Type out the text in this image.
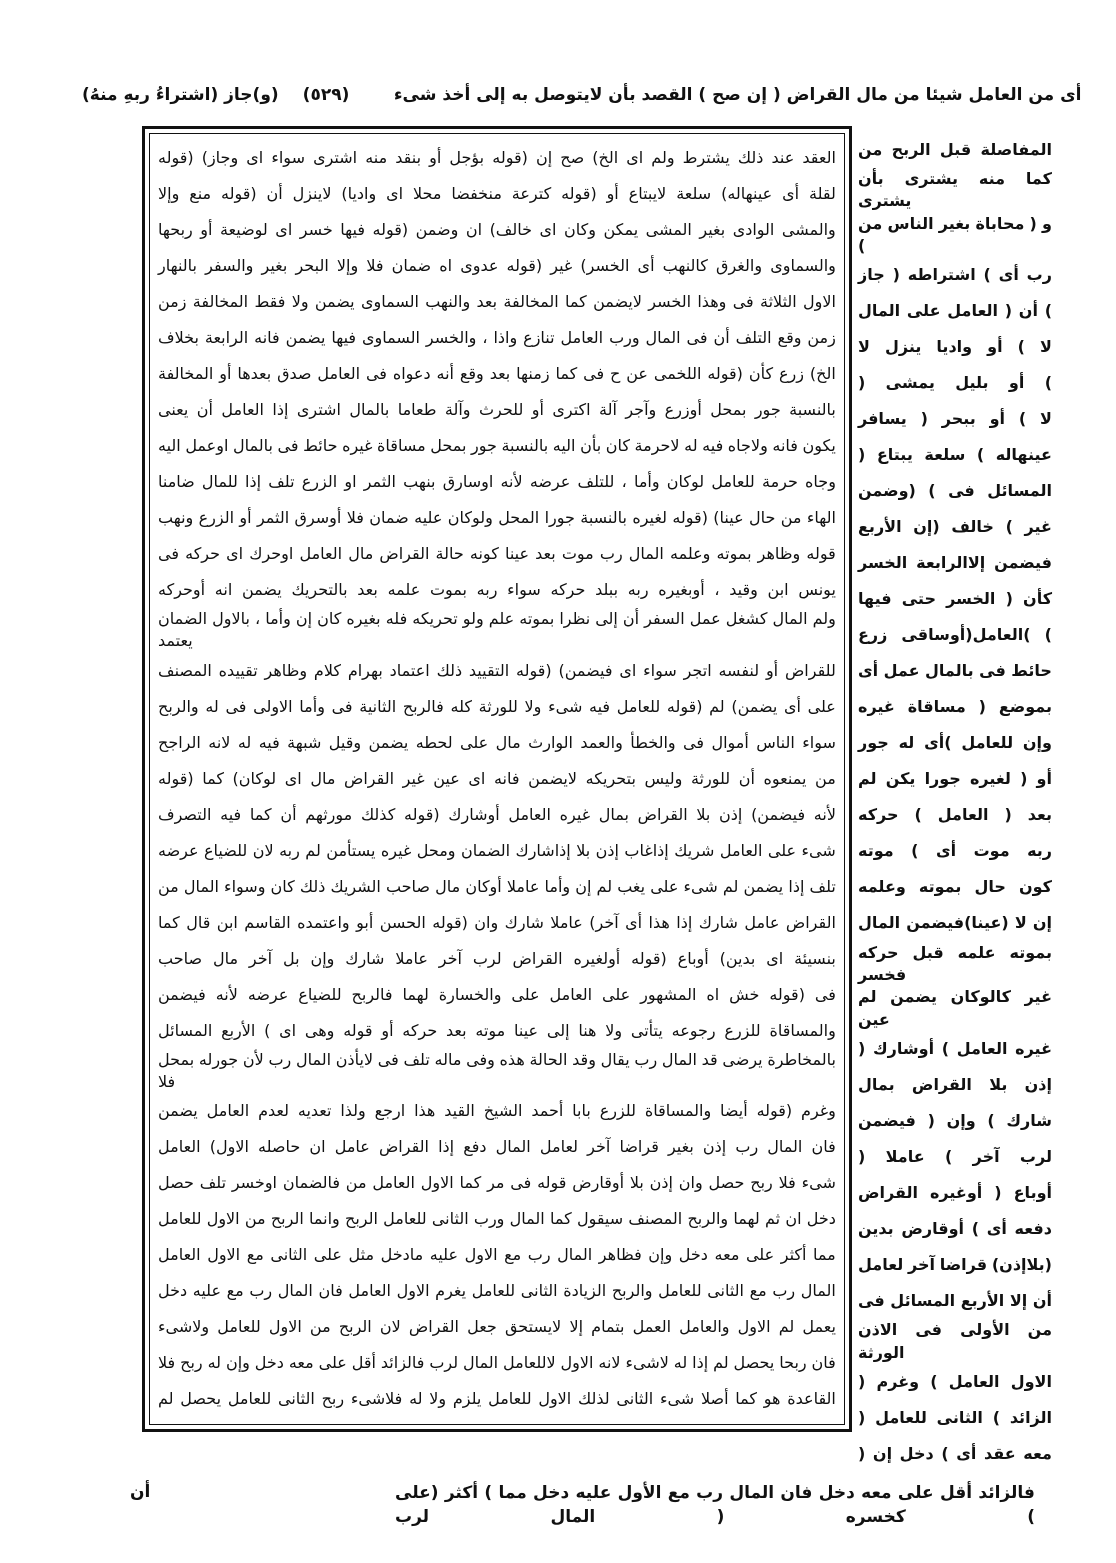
(و)جاز (اشتراءُ ربهِ منهُ) (٥٢٩)	أى من العامل شيئا من مال القراض ( إن صح ) القصد بأن لايتوصل به إلى أخذ شىء
(قوله وجاز) اى سواء اشترى منه بنقد أو بؤجل (قوله إن صح الخ) اى ولم يشترط ذلك عند العقد
وإلا منع (قوله أن لاينزل واديا) اى محلا منخفضا كترعة (قوله أو لايبتاع سلعة عينهاله) أى لقلة
ربحها أو لوضيعة اى خسر فيها (قوله وضمن ان خالف) اى وكان يمكن المشى بغير الوادى والمشى
بالنهار والسفر بغير البحر وإلا فلا ضمان اه عدوى (قوله غير الخسر) أى كالنهب والغرق والسماوى
زمن المخالفة فقط ولا يضمن السماوى والنهب بعد المخالفة كما لايضمن الخسر وهذا فى الثلاثة الاول
بخلاف الرابعة فانه يضمن فيها السماوى والخسر ، واذا تنازع العامل ورب المال فى أن التلف وقع زمن
المخالفة أو بعدها صدق العامل فى دعواه أنه وقع بعد زمنها كما فى ح عن اللخمى (قوله كأن زرع الخ)
يعنى أن العامل إذا اشترى بالمال طعاما وآلة للحرث أو اكترى آلة وآجر أوزرع بمحل جور بالنسبة
اليه اوعمل بالمال فى حائط غيره مساقاة بمحل جور بالنسبة اليه بأن كان لاحرمة له فيه ولاجاه فانه يكون
ضامنا للمال إذا تلف الزرع او الثمر بنهب اوسارق لأنه عرضه للتلف ، وأما لوكان للعامل حرمة وجاه
ونهب الزرع أو الثمر أوسرق فلا ضمان عليه ولوكان المحل جورا بالنسبة لغيره (قوله عينا) حال من الهاء
فى حركه اى اوحرك العامل مال القراض حالة كونه عينا بعد موت رب المال وعلمه بموته وظاهر قوله
أوحركه انه يضمن بالتحريك بعد علمه بموت ربه سواء حركه ببلد ربه أوبغيره ، وقيد ابن يونس
الضمان بالاول ، وأما إن كان بغيره فله تحريكه ولو علم بموته نظرا إلى أن السفر عمل كشغل المال ولم
يعتمد
المصنف تقييده وظاهر كلام بهرام اعتماد ذلك التقييد (قوله فيضمن) اى سواء اتجر لنفسه أو للقراض
والربح له فى الاولى وأما فى الثانية فالربح كله للورثة ولا شىء فيه للعامل (قوله لم يضمن) أى على
الراجح لانه له فيه شبهة وقيل يضمن لحطه على مال الوارث والعمد والخطأ فى أموال الناس سواء
(قوله كما لوكان) اى مال القراض غير عين اى فانه لايضمن بتحريكه وليس للورثة أن يمنعوه من
التصرف فيه كما أن مورثهم كذلك (قوله أوشارك العامل غيره بمال القراض بلا إذن فيضمن) لأنه
عرضه للضياع لان ربه لم يستأمن غيره ومحل الضمان إذاشارك بلا إذن إذاغاب شريك العامل على شىء
من المال وسواء كان ذلك الشريك صاحب مال أوكان عاملا وأما إن لم يغب على شىء لم يضمن إذا تلف
كما قال ابن القاسم واعتمده أبو الحسن (قوله وان شارك عاملا آخر) أى هذا إذا شارك عامل القراض
صاحب مال آخر بل وإن شارك عاملا آخر لرب القراض أولغيره (قوله أوباع بدين) اى بنسيئة
فيضمن لأنه عرضه للضياع فالربح لهما والخسارة على العامل على المشهور اه خش (قوله فى
المسائل الأربع ) اى وهى قوله أو حركه بعد موته عينا إلى هنا ولا يتأتى رجوعه للزرع والمساقاة
بمحل جورله لأن رب المال لايأذن فى تلف ماله وفى هذه الحالة وقد يقال رب المال قد يرضى بالمخاطرة
فلا
يضمن العامل لعدم تعديه ولذا ارجع هذا القيد الشيخ أحمد بابا للزرع والمساقاة أيضا (قوله وغرم
العامل الاول) حاصله ان عامل القراض إذا دفع المال لعامل آخر قراضا بغير إذن رب المال فان
حصل تلف اوخسر فالضمان من العامل الاول كما مر فى قوله أوقارض بلا إذن وان حصل ربح فلا شىء
للعامل الاول من الربح وانما الربح للعامل الثانى ورب المال كما سيقول المصنف والربح لهما ثم ان دخل
العامل الاول مع الثانى على مثل مادخل عليه الاول مع رب المال فظاهر وإن دخل معه على أكثر مما
دخل عليه مع رب المال فان العامل الاول يغرم للعامل الثانى الزيادة والربح للعامل الثانى مع رب المال
ولاشىء للعامل الاول من الربح لان القراض جعل لايستحق إلا بتمام العمل والعامل الاول لم يعمل
فلا ربح له وإن دخل معه على أقل فالزائد لرب المال لاللعامل الاول لانه لاشىء له إذا لم يحصل ربحا فان
لم يحصل للعامل الثانى ربح فلاشىء له ولا يلزم للعامل الاول لذلك الثانى شىء أصلا كما هو القاعدة
من الربح قبل المفاصلة
بأن يشترى منه كما
يشترى
من الناس بغير محاباة ( و
)
جاز ( اشتراطه ) أى رب
المال على العامل ( أن )
لا ينزل واديا أو ) لا
( يمشى بليل أو )
يسافر ( ببحر أو ) لا
( يبتاع سلعة ) عينهاله
(وضمن ) فى المسائل
الأربع (إن خالف ) غير
الخسر إلاالرابعة فيضمن
فيها حتى الخسر ( كأن
زرع )العامل(أوساقى )
أى عمل بالمال فى حائط
غيره مساقاة ( بموضع
جور له )أى للعامل وإن
لم يكن جورا لغيره ( أو
حركه ) العامل ( بعد
موته ) أى موت ربه
وعلمه بموته حال كون
المال (عينا)فيضمن لا إن
حركه قبل علمه بموته
فخسر
لم يضمن كالوكان غير
عين
( أوشارك ) العامل غيره
بمال القراض بلا إذن
فيضمن ( وإن ) شارك
( عاملا ) آخر لرب
القراض أوغيره ( أوباع
بدين أوقارض ) أى دفعه
لعامل آخر قراضا (بلاإذن)
فى المسائل الأربع إلا أن
الاذن فى الأولى من
الورثة
( وغرم ) العامل الاول
( للعامل الثانى ) الزائد
( إن دخل ) أى عقد معه
أن	(على أكثر ) مما دخل عليه الأول مع رب المال فان دخل معه على أقل فالزائد
لرب	المال	(	كخسره	)
